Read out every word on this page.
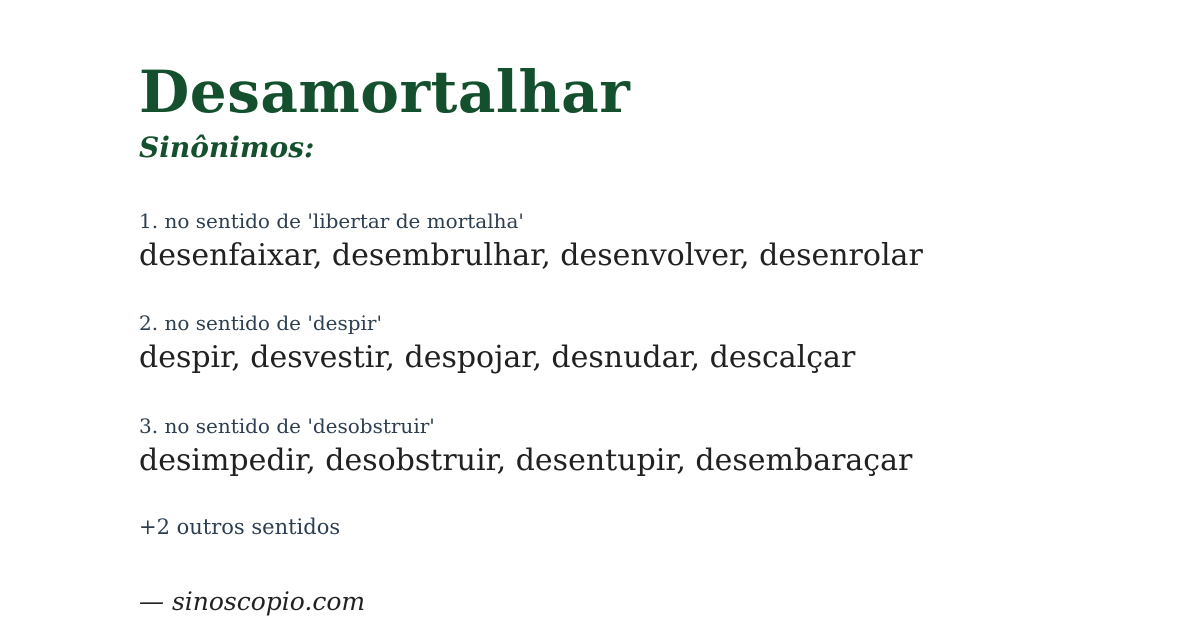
Desamortalhar
Sinônimos:
1. no sentido de 'libertar de mortalha'
desenfaixar, desembrulhar, desenvolver, desenrolar
2. no sentido de 'despir'
despir, desvestir, despojar, desnudar, descalçar
3. no sentido de 'desobstruir'
desimpedir, desobstruir, desentupir, desembaraçar
+2 outros sentidos
— sinoscopio.com
